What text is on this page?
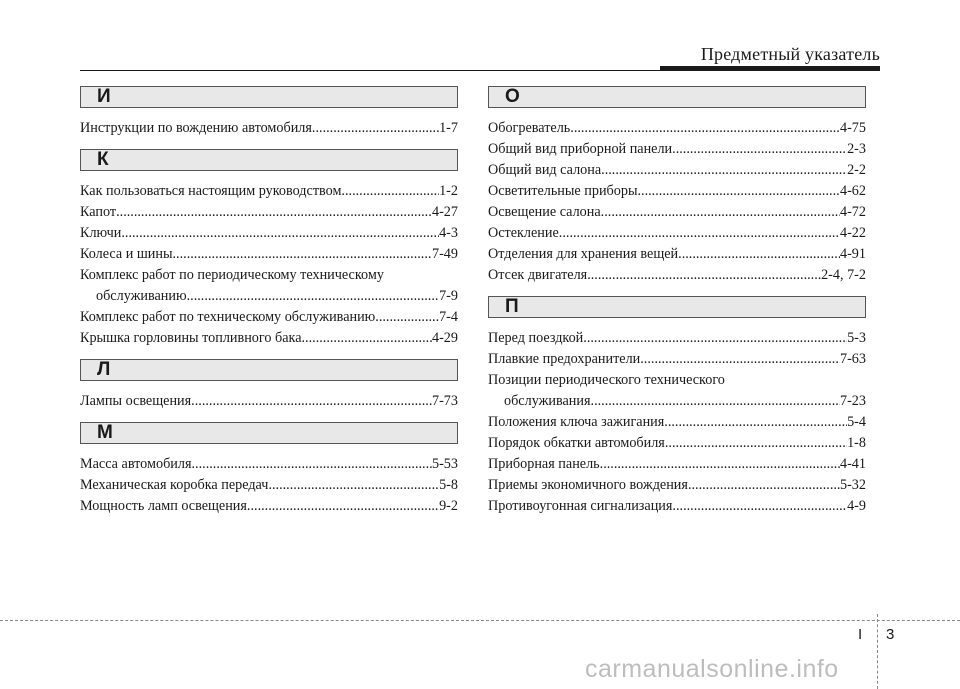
Предметный указатель
И
Инструкции по вождению автомобиля .....	1-7
К
Как пользоваться настоящим руководством .....	1-2
Капот .....	4-27
Ключи .....	4-3
Колеса и шины .....	7-49
Комплекс работ по периодическому техническому
обслуживанию .....	7-9
Комплекс работ по техническому обслуживанию .....	7-4
Крышка горловины топливного бака .....	4-29
Л
Лампы освещения .....	7-73
М
Масса автомобиля .....	5-53
Механическая коробка передач .....	5-8
Мощность ламп освещения .....	9-2
О
Обогреватель .....	4-75
Общий вид приборной панели .....	2-3
Общий вид салона .....	2-2
Осветительные приборы .....	4-62
Освещение салона .....	4-72
Остекление .....	4-22
Отделения для хранения вещей .....	4-91
Отсек двигателя .....	2-4, 7-2
П
Перед поездкой .....	5-3
Плавкие предохранители .....	7-63
Позиции периодического технического
обслуживания .....	7-23
Положения ключа зажигания .....	5-4
Порядок обкатки автомобиля .....	1-8
Приборная панель .....	4-41
Приемы экономичного вождения .....	5-32
Противоугонная сигнализация .....	4-9
I 3
carmanualsonline.info
